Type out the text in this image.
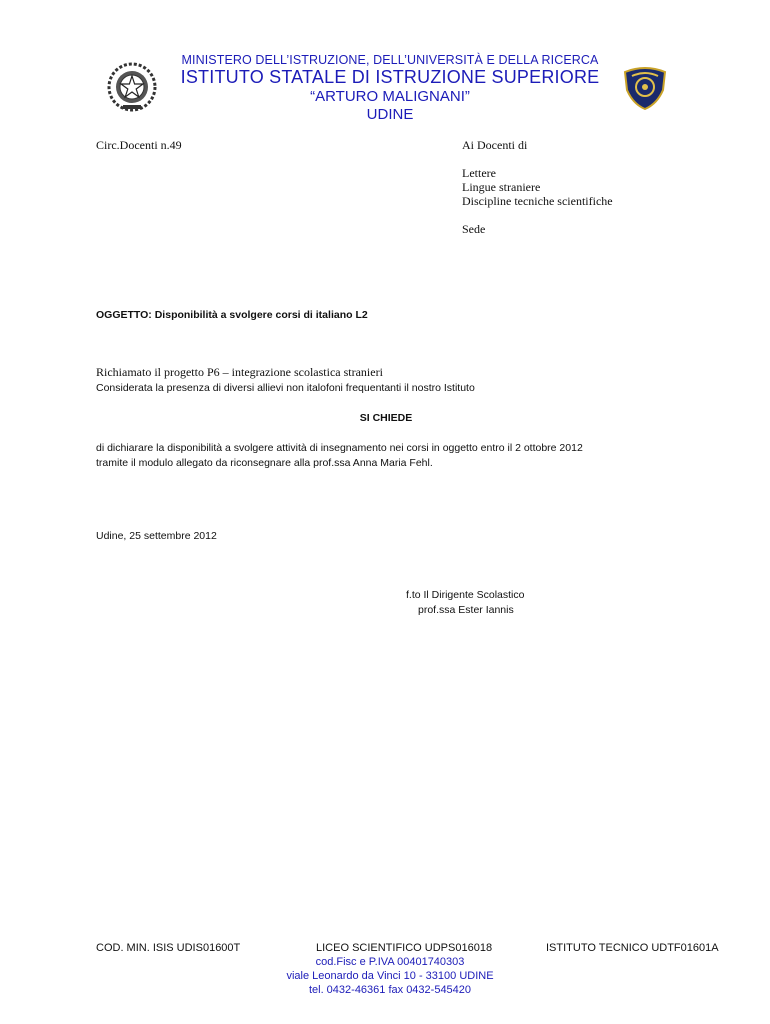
MINISTERO DELL’ISTRUZIONE, DELL’UNIVERSITÀ E DELLA RICERCA
ISTITUTO STATALE DI ISTRUZIONE SUPERIORE
“ARTURO MALIGNANI”
UDINE
Circ.Docenti n.49	Ai Docenti di
Lettere
Lingue straniere
Discipline tecniche scientifiche
Sede
OGGETTO: Disponibilità a svolgere corsi di italiano L2
Richiamato il progetto P6 – integrazione scolastica stranieri
Considerata la presenza di diversi allievi non italofoni frequentanti il nostro Istituto
SI CHIEDE
di dichiarare la disponibilità a svolgere attività di insegnamento nei corsi in oggetto entro il 2 ottobre 2012
tramite il modulo allegato da riconsegnare alla prof.ssa Anna Maria Fehl.
Udine, 25 settembre 2012
f.to Il Dirigente Scolastico
prof.ssa Ester Iannis
COD. MIN. ISIS UDIS01600T	LICEO SCIENTIFICO UDPS016018	ISTITUTO TECNICO UDTF01601A
cod.Fisc e P.IVA 00401740303
viale Leonardo da Vinci 10 - 33100 UDINE
tel. 0432-46361 fax 0432-545420
